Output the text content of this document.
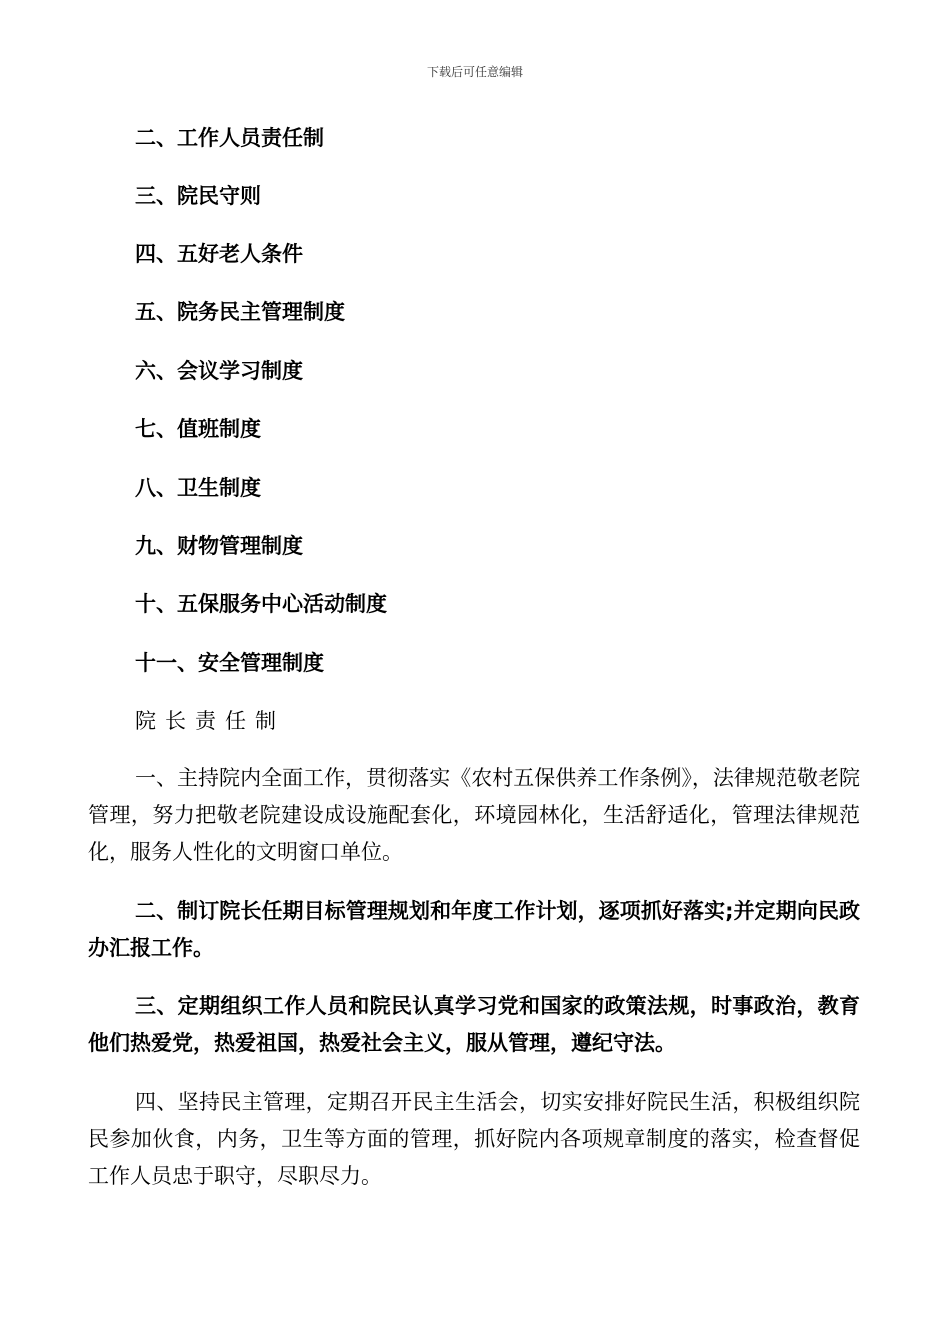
下载后可任意编辑
二、工作人员责任制
三、院民守则
四、五好老人条件
五、院务民主管理制度
六、会议学习制度
七、值班制度
八、卫生制度
九、财物管理制度
十、五保服务中心活动制度
十一、安全管理制度
院长责任制

一、主持院内全面工作，贯彻落实《农村五保供养工作条例》，法律规范敬老院管理，努力把敬老院建设成设施配套化，环境园林化，生活舒适化，管理法律规范化，服务人性化的文明窗口单位。

二、制订院长任期目标管理规划和年度工作计划，逐项抓好落实;并定期向民政办汇报工作。

三、定期组织工作人员和院民认真学习党和国家的政策法规，时事政治，教育他们热爱党，热爱祖国，热爱社会主义，服从管理，遵纪守法。

四、坚持民主管理，定期召开民主生活会，切实安排好院民生活，积极组织院民参加伙食，内务，卫生等方面的管理，抓好院内各项规章制度的落实，检查督促工作人员忠于职守，尽职尽力。
